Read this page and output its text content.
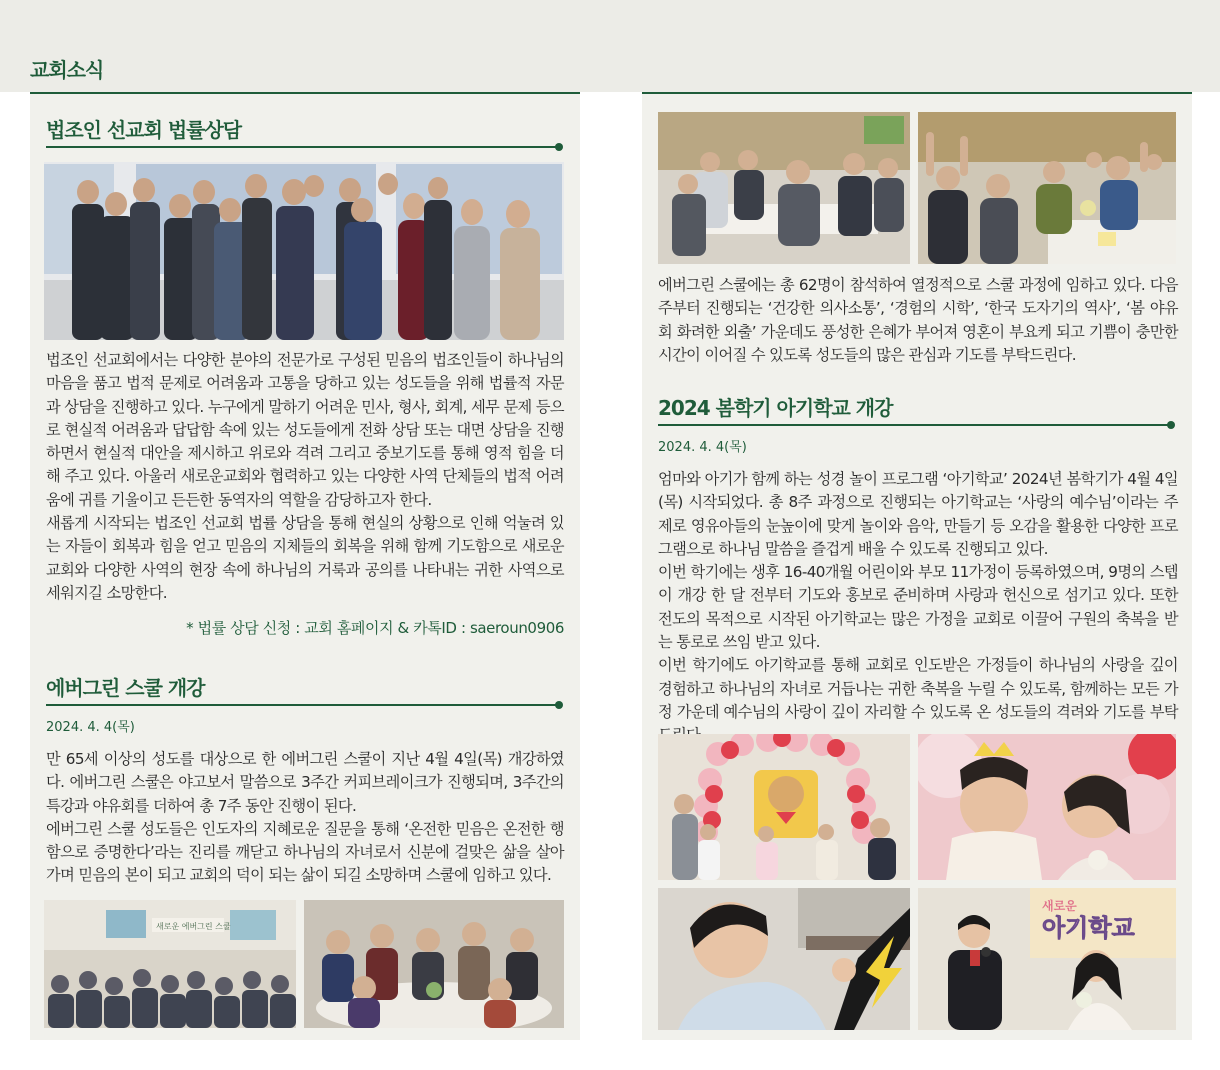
교회소식
법조인 선교회 법률상담

법조인 선교회에서는 다양한 분야의 전문가로 구성된 믿음의 법조인들이 하나님의 마음을 품고 법적 문제로 어려움과 고통을 당하고 있는 성도들을 위해 법률적 자문과 상담을 진행하고 있다. 누구에게 말하기 어려운 민사, 형사, 회계, 세무 문제 등으로 현실적 어려움과 답답함 속에 있는 성도들에게 전화 상담 또는 대면 상담을 진행하면서 현실적 대안을 제시하고 위로와 격려 그리고 중보기도를 통해 영적 힘을 더해 주고 있다. 아울러 새로운교회와 협력하고 있는 다양한 사역 단체들의 법적 어려움에 귀를 기울이고 든든한 동역자의 역할을 감당하고자 한다.

새롭게 시작되는 법조인 선교회 법률 상담을 통해 현실의 상황으로 인해 억눌려 있는 자들이 회복과 힘을 얻고 믿음의 지체들의 회복을 위해 함께 기도함으로 새로운교회와 다양한 사역의 현장 속에 하나님의 거룩과 공의를 나타내는 귀한 사역으로 세워지길 소망한다.

* 법률 상담 신청 : 교회 홈페이지 & 카톡ID : saeroun0906
에버그린 스쿨 개강
2024. 4. 4(목)

만 65세 이상의 성도를 대상으로 한 에버그린 스쿨이 지난 4월 4일(목) 개강하였다. 에버그린 스쿨은 야고보서 말씀으로 3주간 커피브레이크가 진행되며, 3주간의 특강과 야유회를 더하여 총 7주 동안 진행이 된다.

에버그린 스쿨 성도들은 인도자의 지혜로운 질문을 통해 ‘온전한 믿음은 온전한 행함으로 증명한다’라는 진리를 깨닫고 하나님의 자녀로서 신분에 걸맞은 삶을 살아가며 믿음의 본이 되고 교회의 덕이 되는 삶이 되길 소망하며 스쿨에 임하고 있다.

새로운 에버그린 스쿨

에버그린 스쿨에는 총 62명이 참석하여 열정적으로 스쿨 과정에 임하고 있다. 다음 주부터 진행되는 ‘건강한 의사소통’, ‘경험의 시학’, ‘한국 도자기의 역사’, ‘봄 야유회 화려한 외출’ 가운데도 풍성한 은혜가 부어져 영혼이 부요케 되고 기쁨이 충만한 시간이 이어질 수 있도록 성도들의 많은 관심과 기도를 부탁드린다.

2024 봄학기 아기학교 개강
2024. 4. 4(목)

엄마와 아기가 함께 하는 성경 놀이 프로그램 ‘아기학교’ 2024년 봄학기가 4월 4일(목) 시작되었다. 총 8주 과정으로 진행되는 아기학교는 ‘사랑의 예수님’이라는 주제로 영유아들의 눈높이에 맞게 놀이와 음악, 만들기 등 오감을 활용한 다양한 프로그램으로 하나님 말씀을 즐겁게 배울 수 있도록 진행되고 있다.

이번 학기에는 생후 16-40개월 어린이와 부모 11가정이 등록하였으며, 9명의 스텝이 개강 한 달 전부터 기도와 홍보로 준비하며 사랑과 헌신으로 섬기고 있다. 또한 전도의 목적으로 시작된 아기학교는 많은 가정을 교회로 이끌어 구원의 축복을 받는 통로로 쓰임 받고 있다.

이번 학기에도 아기학교를 통해 교회로 인도받은 가정들이 하나님의 사랑을 깊이 경험하고 하나님의 자녀로 거듭나는 귀한 축복을 누릴 수 있도록, 함께하는 모든 가정 가운데 예수님의 사랑이 깊이 자리할 수 있도록 온 성도들의 격려와 기도를 부탁

새로운
아기학교
